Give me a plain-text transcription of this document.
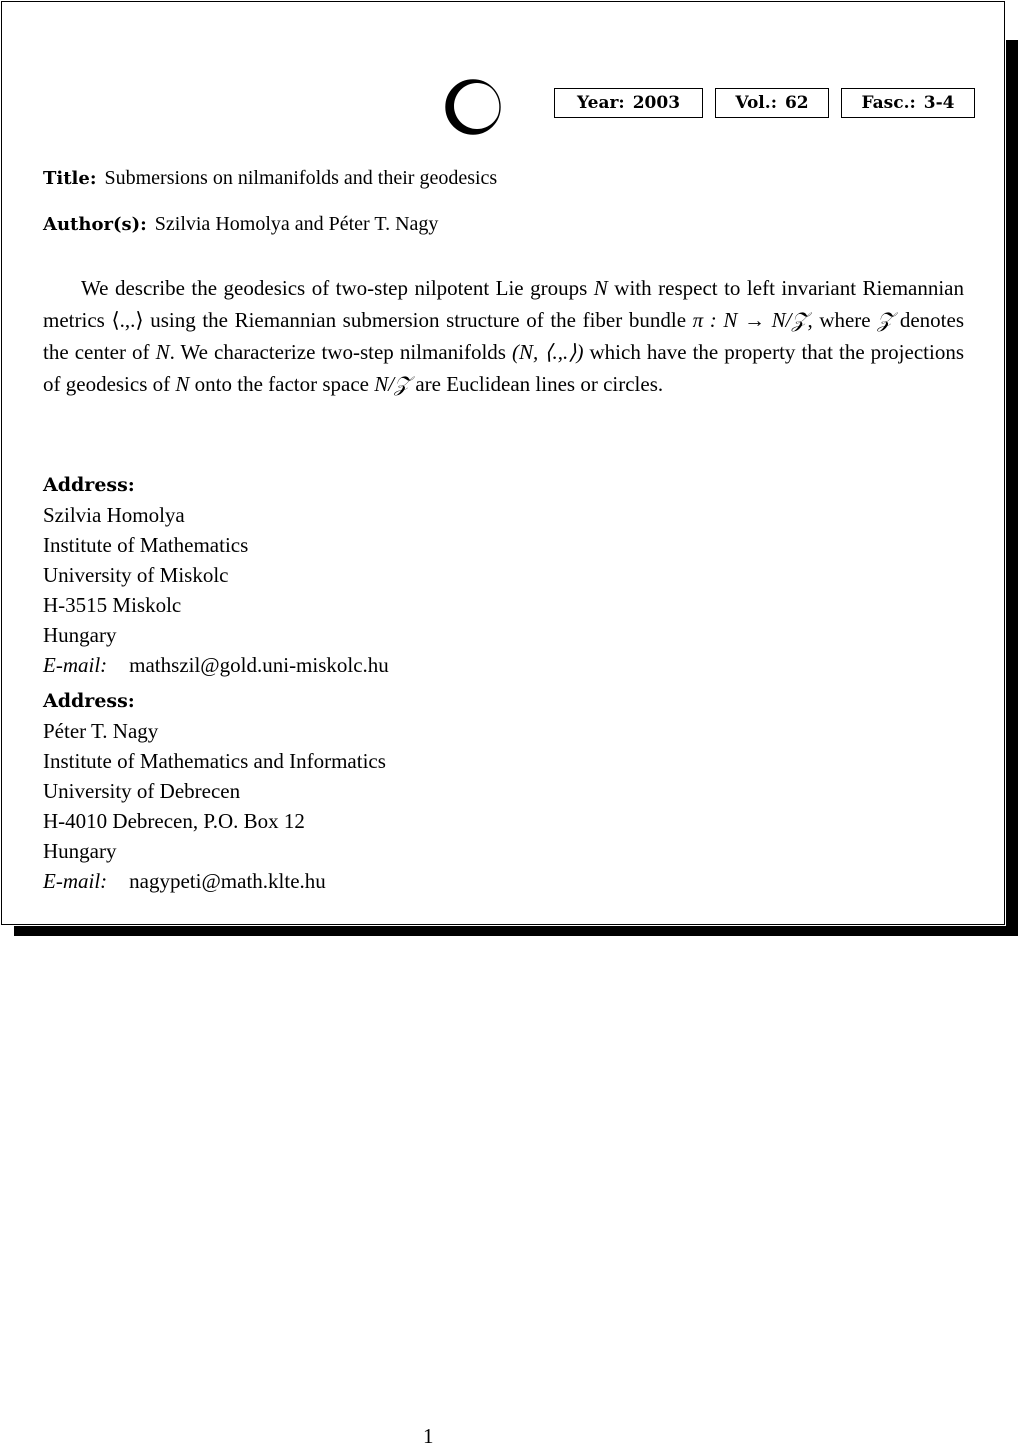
Year: 2003	Vol.: 62	Fasc.: 3-4
Title: Submersions on nilmanifolds and their geodesics
Author(s): Szilvia Homolya and Péter T. Nagy

We describe the geodesics of two-step nilpotent Lie groups N with respect to left invariant Riemannian metrics ⟨.,.⟩ using the Riemannian submersion structure of the fiber bundle π : N → N/𝒵, where 𝒵 denotes the center of N. We characterize two-step nilmanifolds (N, ⟨.,.⟩) which have the property that the projections of geodesics of N onto the factor space N/𝒵 are Euclidean lines or circles.

Address:
Szilvia Homolya
Institute of Mathematics
University of Miskolc
H-3515 Miskolc
Hungary
E-mail: mathszil@gold.uni-miskolc.hu
Address:
Péter T. Nagy
Institute of Mathematics and Informatics
University of Debrecen
H-4010 Debrecen, P.O. Box 12
Hungary
E-mail: nagypeti@math.klte.hu
1
